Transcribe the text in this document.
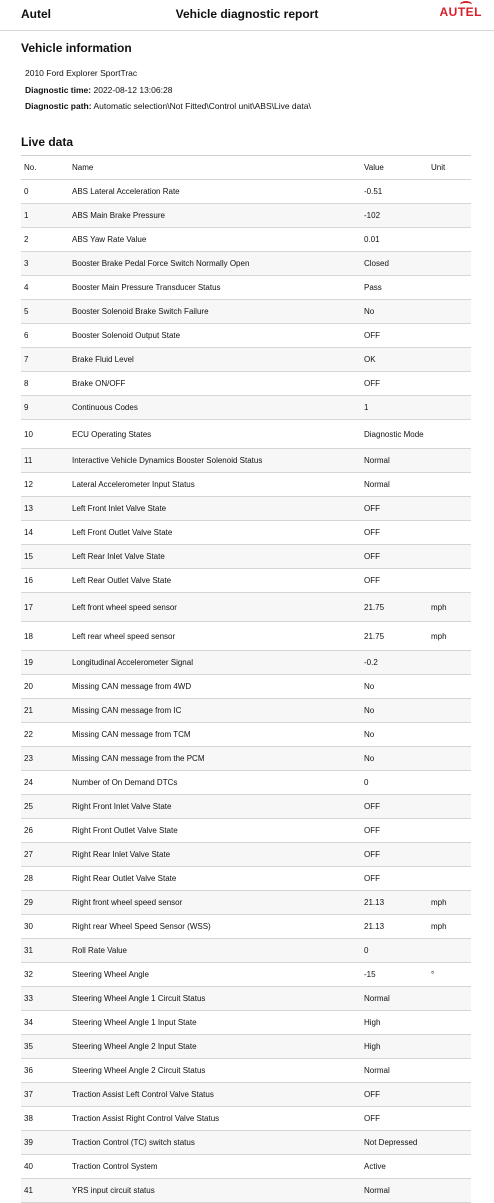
Autel	Vehicle diagnostic report	AUTEL
Vehicle information
2010 Ford Explorer SportTrac
Diagnostic time: 2022-08-12 13:06:28
Diagnostic path: Automatic selection\Not Fitted\Control unit\ABS\Live data\
Live data
No.	Name	Value	Unit
0	ABS Lateral Acceleration Rate	-0.51	
1	ABS Main Brake Pressure	-102	
2	ABS Yaw Rate Value	0.01	
3	Booster Brake Pedal Force Switch Normally Open	Closed	
4	Booster Main Pressure Transducer Status	Pass	
5	Booster Solenoid Brake Switch Failure	No	
6	Booster Solenoid Output State	OFF	
7	Brake Fluid Level	OK	
8	Brake ON/OFF	OFF	
9	Continuous Codes	1	
10	ECU Operating States	Diagnostic Mode	
11	Interactive Vehicle Dynamics Booster Solenoid Status	Normal	
12	Lateral Accelerometer Input Status	Normal	
13	Left Front Inlet Valve State	OFF	
14	Left Front Outlet Valve State	OFF	
15	Left Rear Inlet Valve State	OFF	
16	Left Rear Outlet Valve State	OFF	
17	Left front wheel speed sensor	21.75	mph
18	Left rear wheel speed sensor	21.75	mph
19	Longitudinal Accelerometer Signal	-0.2	
20	Missing CAN message from 4WD	No	
21	Missing CAN message from IC	No	
22	Missing CAN message from TCM	No	
23	Missing CAN message from the PCM	No	
24	Number of On Demand DTCs	0	
25	Right Front Inlet Valve State	OFF	
26	Right Front Outlet Valve State	OFF	
27	Right Rear Inlet Valve State	OFF	
28	Right Rear Outlet Valve State	OFF	
29	Right front wheel speed sensor	21.13	mph
30	Right rear Wheel Speed Sensor (WSS)	21.13	mph
31	Roll Rate Value	0	
32	Steering Wheel Angle	-15	°
33	Steering Wheel Angle 1 Circuit Status	Normal	
34	Steering Wheel Angle 1 Input State	High	
35	Steering Wheel Angle 2 Input State	High	
36	Steering Wheel Angle 2 Circuit Status	Normal	
37	Traction Assist Left Control Valve Status	OFF	
38	Traction Assist Right Control Valve Status	OFF	
39	Traction Control (TC) switch status	Not Depressed	
40	Traction Control System	Active	
41	YRS input circuit status	Normal	
